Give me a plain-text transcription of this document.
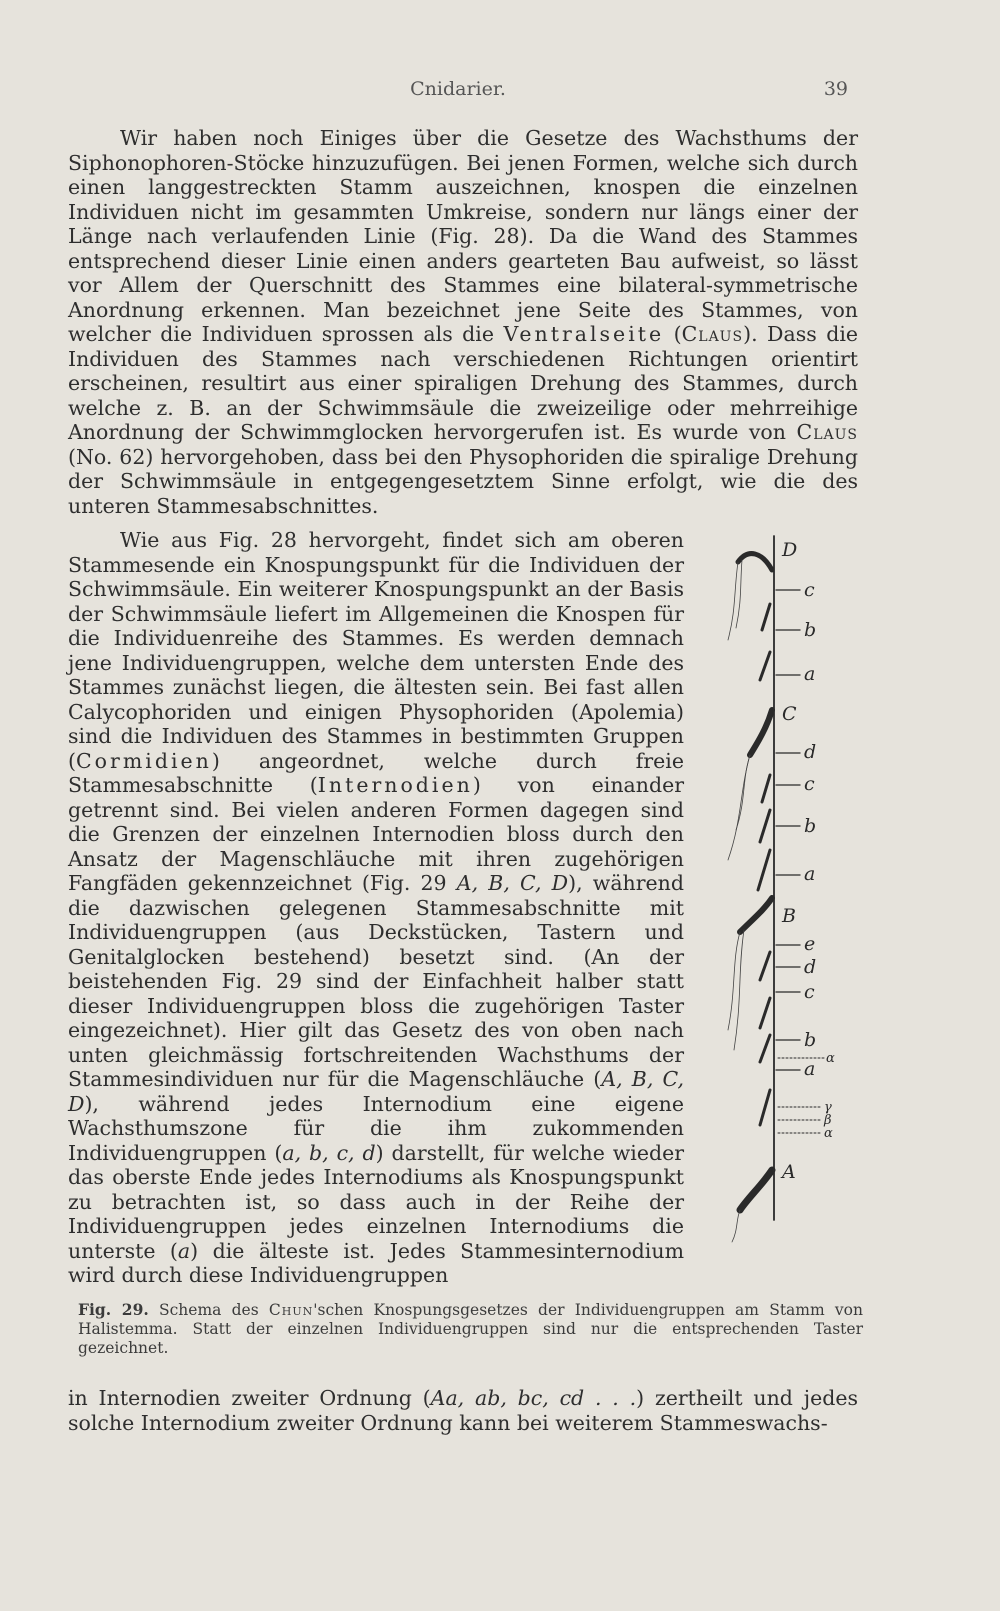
Cnidarier.	39

Wir haben noch Einiges über die Gesetze des Wachsthums der Siphonophoren-Stöcke hinzuzufügen. Bei jenen Formen, welche sich durch einen langgestreckten Stamm auszeichnen, knospen die einzelnen Individuen nicht im gesammten Umkreise, sondern nur längs einer der Länge nach verlaufenden Linie (Fig. 28). Da die Wand des Stammes entsprechend dieser Linie einen anders gearteten Bau aufweist, so lässt vor Allem der Querschnitt des Stammes eine bilateral-symmetrische Anordnung erkennen. Man bezeichnet jene Seite des Stammes, von welcher die Individuen sprossen als die Ventralseite (Claus). Dass die Individuen des Stammes nach verschiedenen Richtungen orientirt erscheinen, resultirt aus einer spiraligen Drehung des Stammes, durch welche z. B. an der Schwimmsäule die zweizeilige oder mehrreihige Anordnung der Schwimmglocken hervorgerufen ist. Es wurde von Claus (No. 62) hervorgehoben, dass bei den Physophoriden die spiralige Drehung der Schwimmsäule in entgegengesetztem Sinne erfolgt, wie die des unteren Stammesabschnittes.

Wie aus Fig. 28 hervorgeht, findet sich am oberen Stammesende ein Knospungspunkt für die Individuen der Schwimmsäule. Ein weiterer Knospungspunkt an der Basis der Schwimmsäule liefert im Allgemeinen die Knospen für die Individuenreihe des Stammes. Es werden demnach jene Individuengruppen, welche dem untersten Ende des Stammes zunächst liegen, die ältesten sein. Bei fast allen Calycophoriden und einigen Physophoriden (Apolemia) sind die Individuen des Stammes in bestimmten Gruppen (Cormidien) angeordnet, welche durch freie Stammesabschnitte (Internodien) von einander getrennt sind. Bei vielen anderen Formen dagegen sind die Grenzen der einzelnen Internodien bloss durch den Ansatz der Magenschläuche mit ihren zugehörigen Fangfäden gekennzeichnet (Fig. 29 A, B, C, D), während die dazwischen gelegenen Stammesabschnitte mit Individuengruppen (aus Deckstücken, Tastern und Genitalglocken bestehend) besetzt sind. (An der beistehenden Fig. 29 sind der Einfachheit halber statt dieser Individuengruppen bloss die zugehörigen Taster eingezeichnet). Hier gilt das Gesetz des von oben nach unten gleichmässig fortschreitenden Wachsthums der Stammesindividuen nur für die Magenschläuche (A, B, C, D), während jedes Internodium eine eigene Wachsthumszone für die ihm zukommenden Individuengruppen (a, b, c, d) darstellt, für welche wieder das oberste Ende jedes Internodiums als Knospungspunkt zu betrachten ist, so dass auch in der Reihe der Individuengruppen jedes einzelnen Internodiums die unterste (a) die älteste ist. Jedes Stammesinternodium wird durch diese Individuengruppen

D
c
b
a
C
d
c
b
a
B
e
d
c
b
α
a
γ
β
α
A
Fig. 29. Schema des Chun'schen Knospungsgesetzes der Individuengruppen am Stamm von Halistemma. Statt der einzelnen Individuengruppen sind nur die entsprechenden Taster gezeichnet.

in Internodien zweiter Ordnung (Aa, ab, bc, cd . . .) zertheilt und jedes solche Internodium zweiter Ordnung kann bei weiterem Stammeswachs-
